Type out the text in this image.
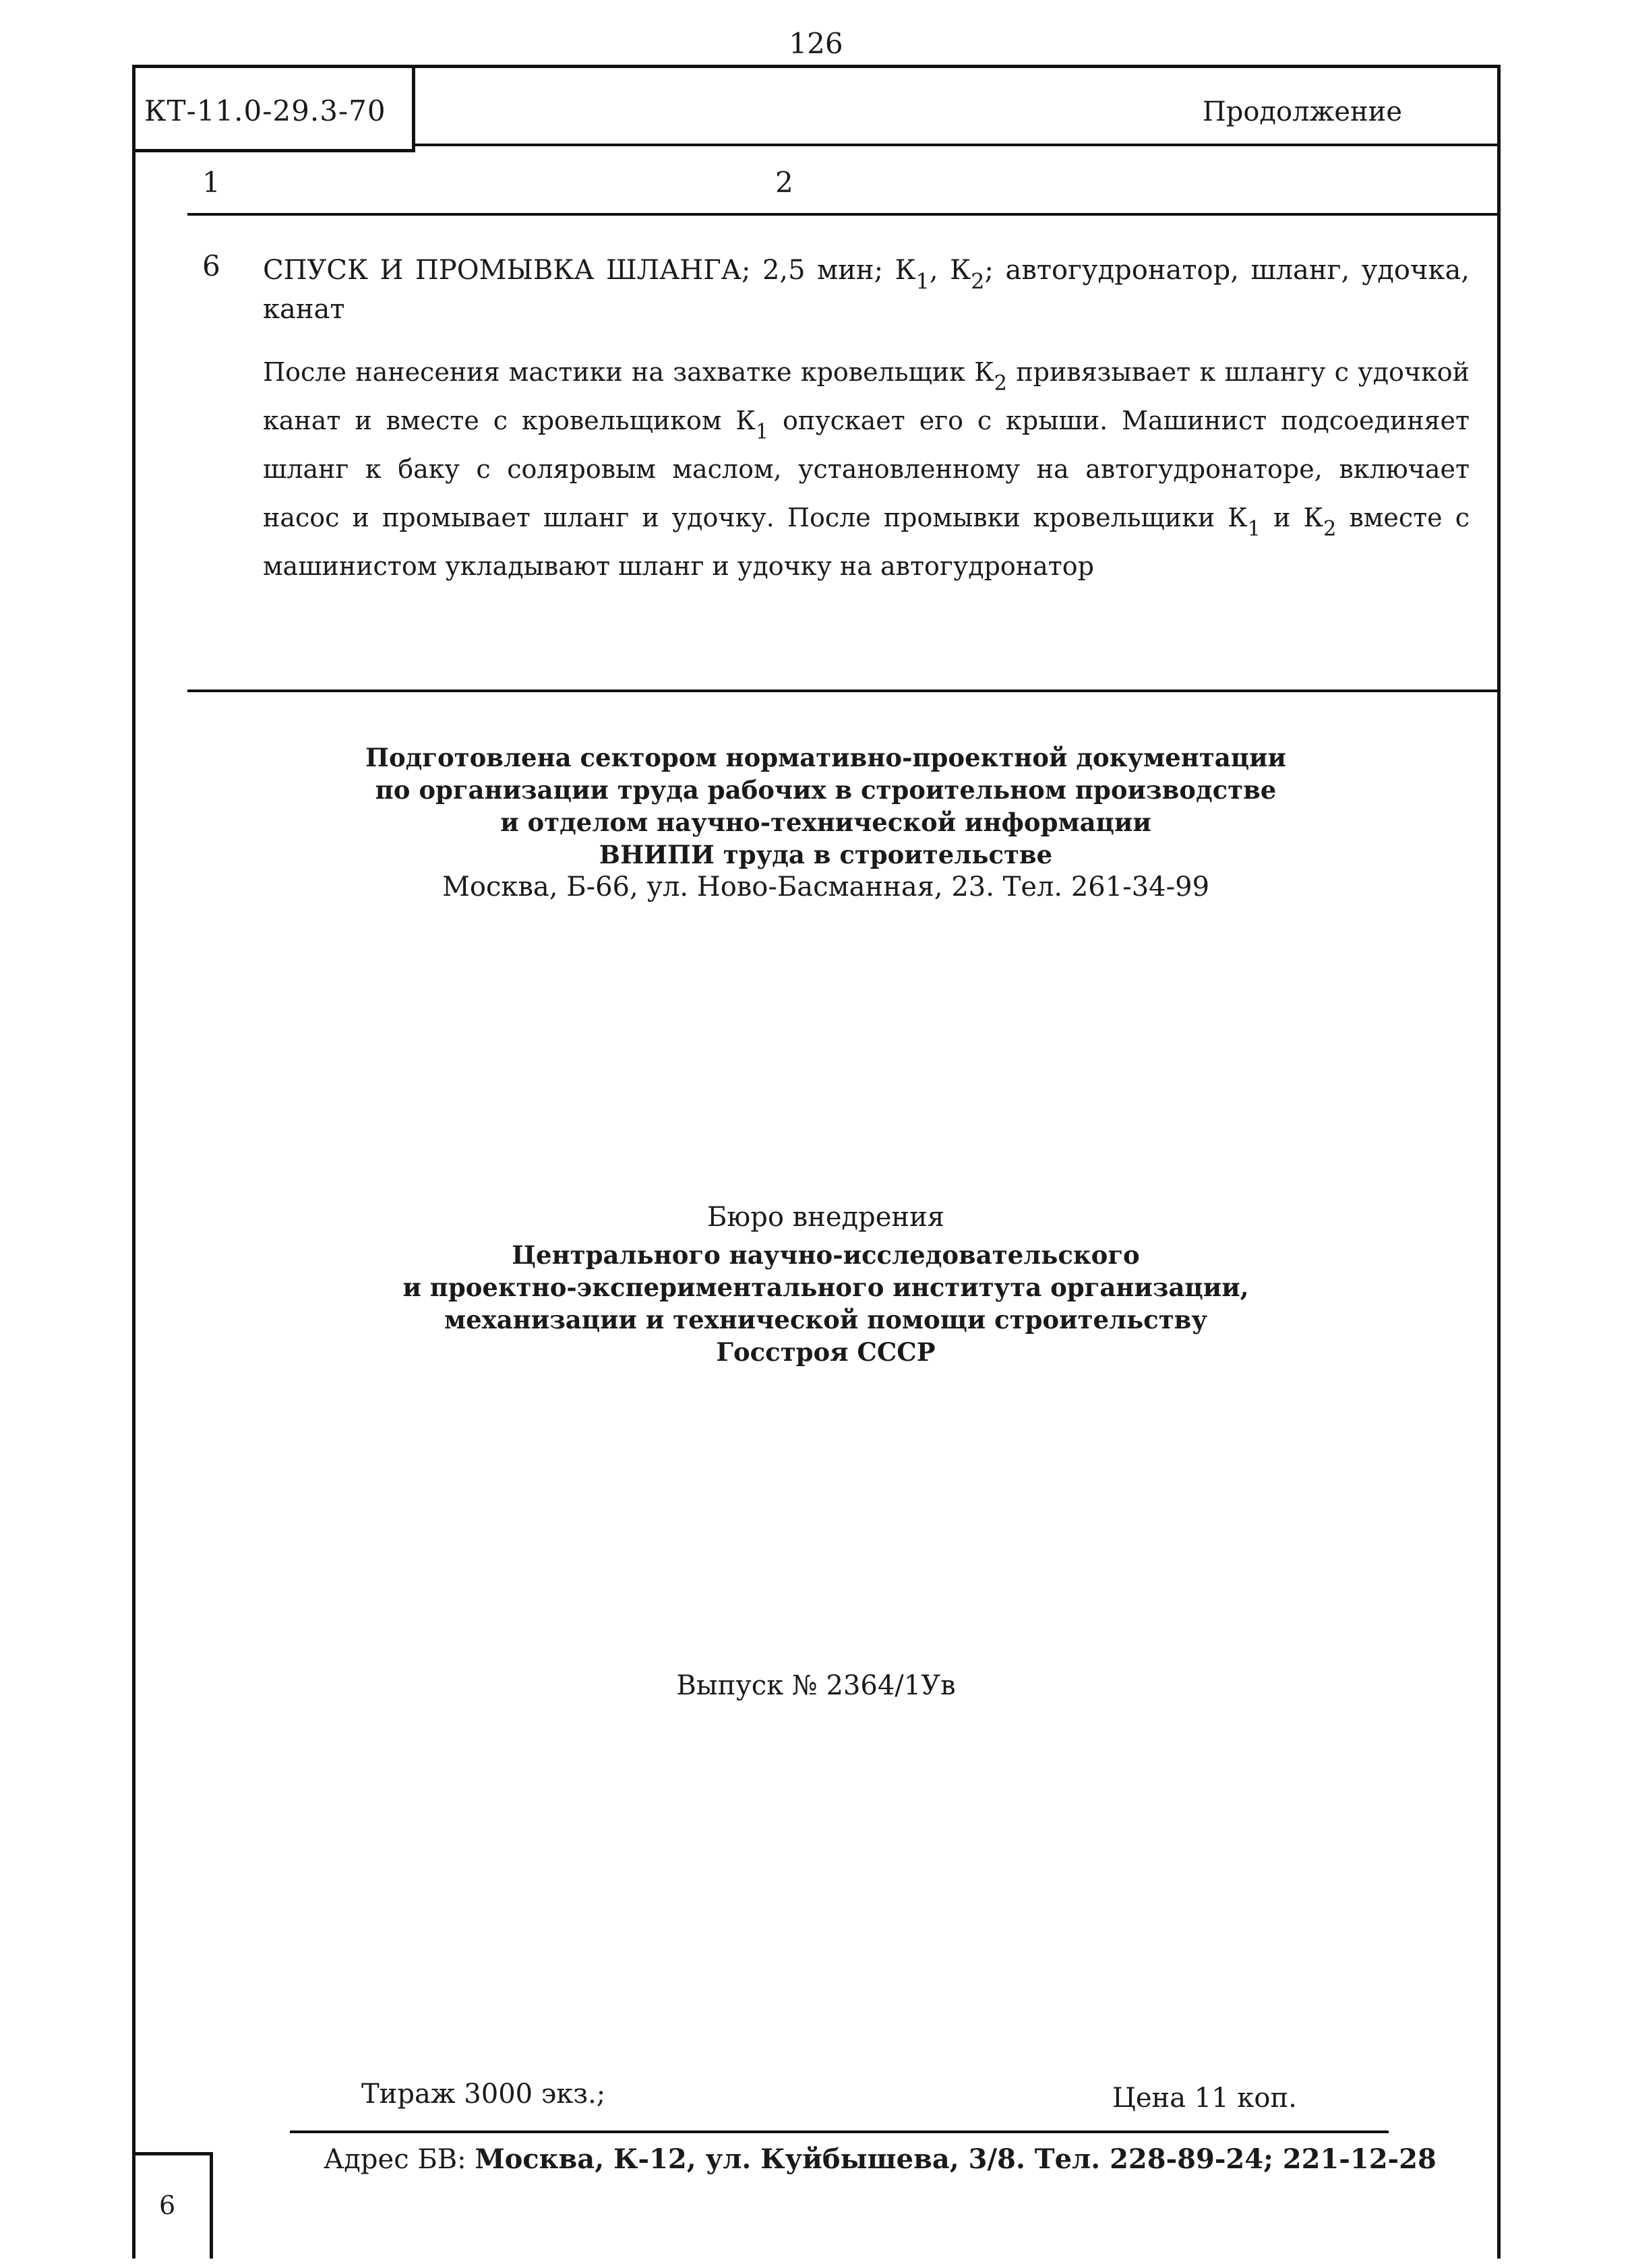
126
КТ-11.0-29.3-70	Продолжение
1	2
6 СПУСК И ПРОМЫВКА ШЛАНГА; 2,5 мин; $К_1$, $К_2$; автогудронатор, шланг, удочка, канат
После нанесения мастики на захватке кровельщик $К_2$ привязывает к шлангу с удочкой канат и вместе с кровельщиком $К_1$ опускает его с крыши. Машинист подсоединяет шланг к баку с соляровым маслом, установленному на автогудронаторе, включает насос и промывает шланг и удочку. После промывки кровельщики $К_1$ и $К_2$ вместе с машинистом укладывают шланг и удочку на автогудронатор
Подготовлена сектором нормативно-проектной документации
по организации труда рабочих в строительном производстве
и отделом научно-технической информации
ВНИПИ труда в строительстве
Москва, Б-66, ул. Ново-Басманная, 23. Тел. 261-34-99
Бюро внедрения
Центрального научно-исследовательского
и проектно-экспериментального института организации,
механизации и технической помощи строительству
Госстроя СССР
Выпуск № 2364/1Ув
Тираж 3000 экз.;	Цена 11 коп.
Адрес БВ: Москва, К-12, ул. Куйбышева, 3/8. Тел. 228-89-24; 221-12-28
6
